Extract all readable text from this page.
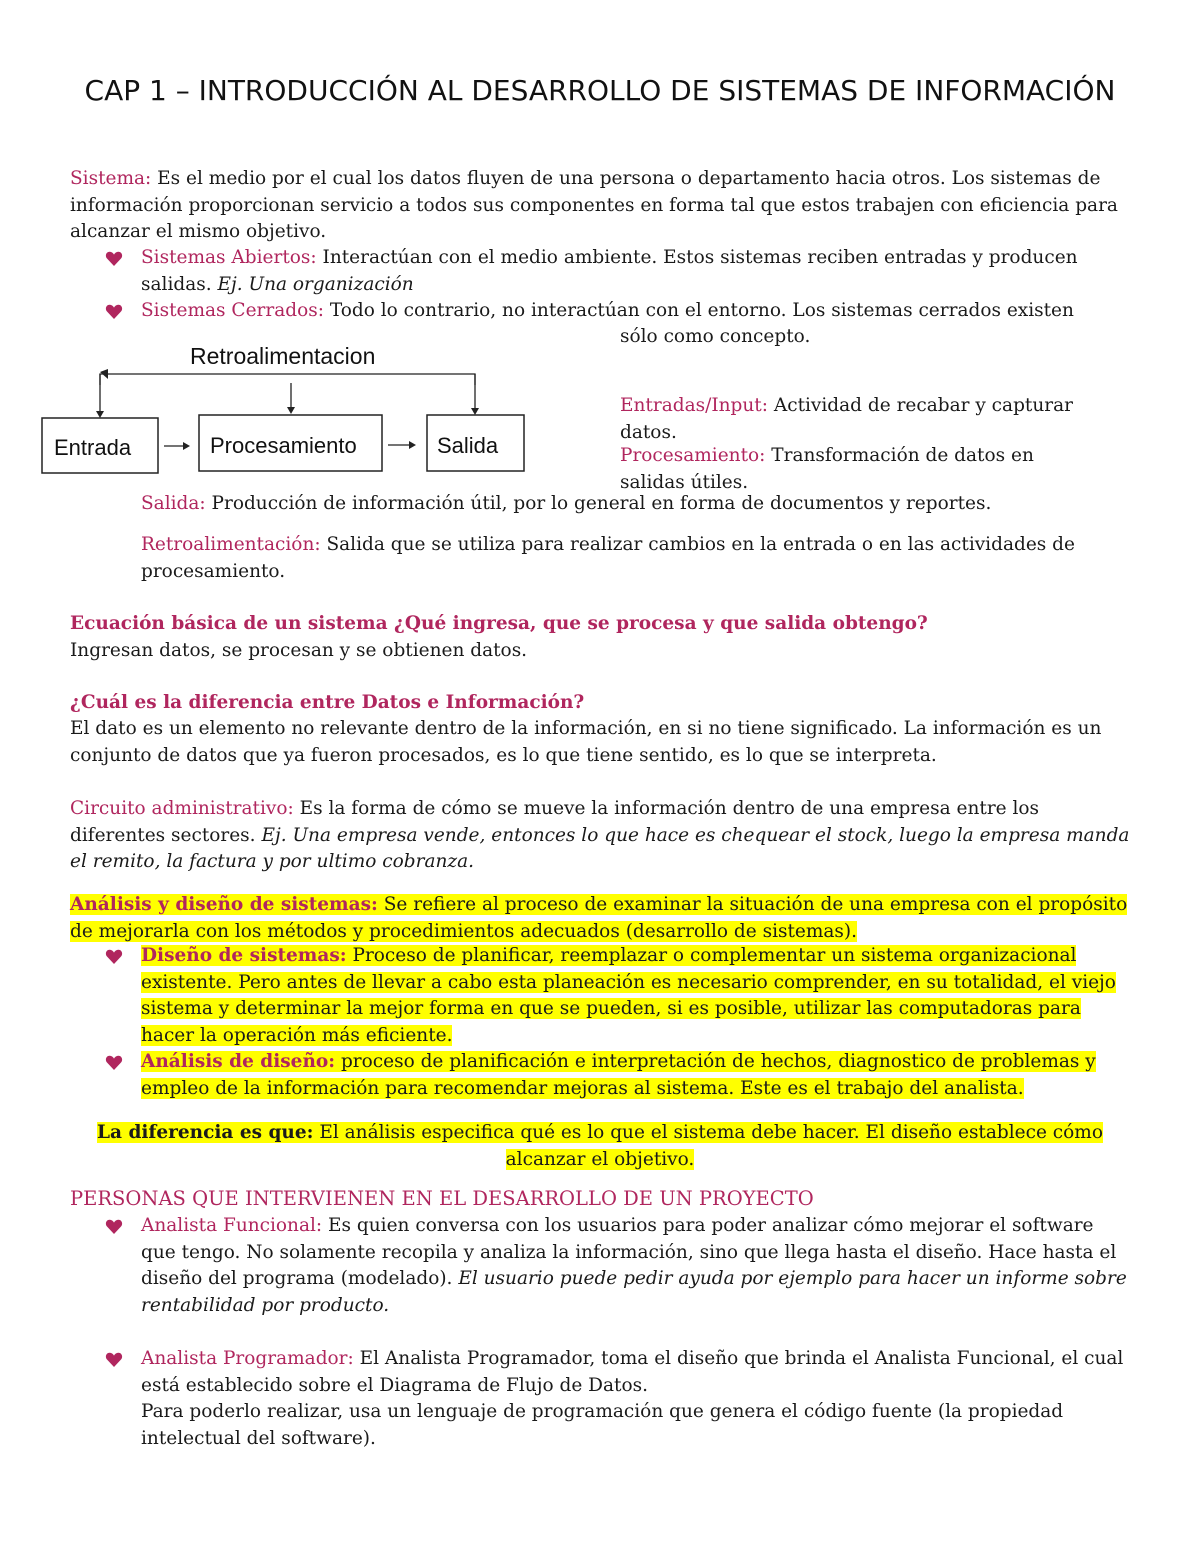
CAP 1 – INTRODUCCIÓN AL DESARROLLO DE SISTEMAS DE INFORMACIÓN
Sistema: Es el medio por el cual los datos fluyen de una persona o departamento hacia otros. Los sistemas de información proporcionan servicio a todos sus componentes en forma tal que estos trabajen con eficiencia para alcanzar el mismo objetivo.
Sistemas Abiertos: Interactúan con el medio ambiente. Estos sistemas reciben entradas y producen salidas. Ej. Una organización
Sistemas Cerrados: Todo lo contrario, no interactúan con el entorno. Los sistemas cerrados existen
sólo como concepto.
Retroalimentacion
Entrada	Procesamiento	Salida
Entradas/Input: Actividad de recabar y capturar datos.
Procesamiento: Transformación de datos en salidas útiles.
Salida: Producción de información útil, por lo general en forma de documentos y reportes.
Retroalimentación: Salida que se utiliza para realizar cambios en la entrada o en las actividades de procesamiento.
Ecuación básica de un sistema ¿Qué ingresa, que se procesa y que salida obtengo?
Ingresan datos, se procesan y se obtienen datos.
¿Cuál es la diferencia entre Datos e Información?
El dato es un elemento no relevante dentro de la información, en si no tiene significado. La información es un conjunto de datos que ya fueron procesados, es lo que tiene sentido, es lo que se interpreta.
Circuito administrativo: Es la forma de cómo se mueve la información dentro de una empresa entre los diferentes sectores. Ej. Una empresa vende, entonces lo que hace es chequear el stock, luego la empresa manda el remito, la factura y por ultimo cobranza.
Análisis y diseño de sistemas: Se refiere al proceso de examinar la situación de una empresa con el propósito de mejorarla con los métodos y procedimientos adecuados (desarrollo de sistemas).
Diseño de sistemas: Proceso de planificar, reemplazar o complementar un sistema organizacional existente. Pero antes de llevar a cabo esta planeación es necesario comprender, en su totalidad, el viejo sistema y determinar la mejor forma en que se pueden, si es posible, utilizar las computadoras para hacer la operación más eficiente.
Análisis de diseño: proceso de planificación e interpretación de hechos, diagnostico de problemas y empleo de la información para recomendar mejoras al sistema. Este es el trabajo del analista.
La diferencia es que: El análisis especifica qué es lo que el sistema debe hacer. El diseño establece cómo alcanzar el objetivo.
PERSONAS QUE INTERVIENEN EN EL DESARROLLO DE UN PROYECTO
Analista Funcional: Es quien conversa con los usuarios para poder analizar cómo mejorar el software que tengo. No solamente recopila y analiza la información, sino que llega hasta el diseño. Hace hasta el diseño del programa (modelado). El usuario puede pedir ayuda por ejemplo para hacer un informe sobre rentabilidad por producto.
Analista Programador: El Analista Programador, toma el diseño que brinda el Analista Funcional, el cual está establecido sobre el Diagrama de Flujo de Datos.
Para poderlo realizar, usa un lenguaje de programación que genera el código fuente (la propiedad intelectual del software).
